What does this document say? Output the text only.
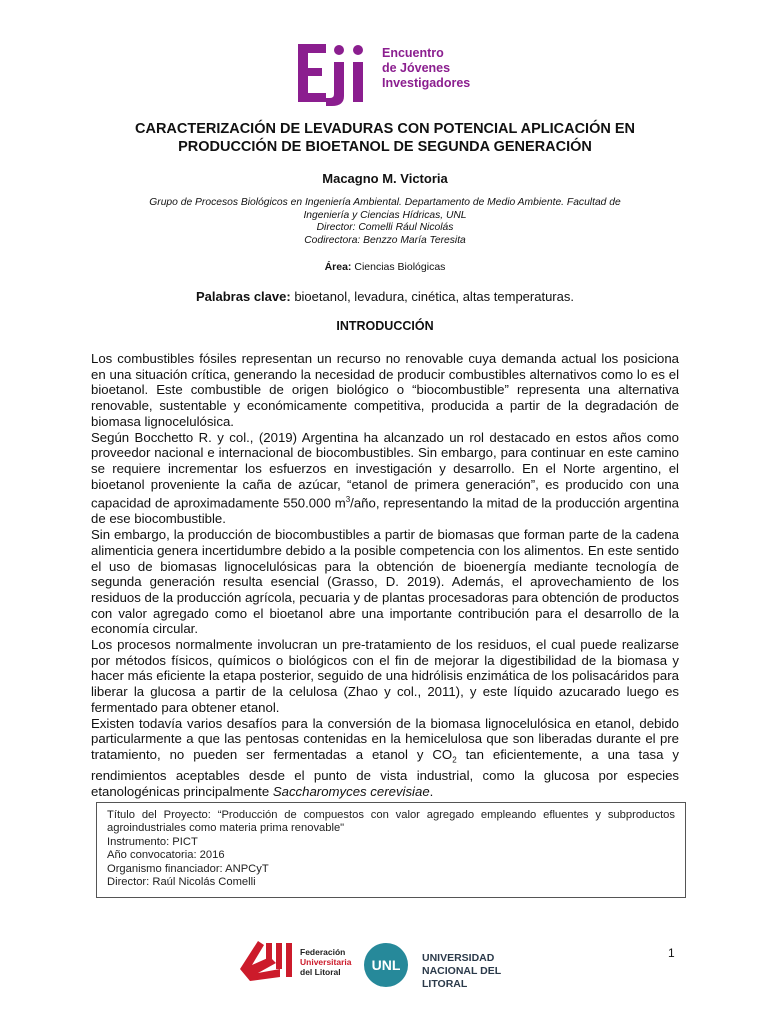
Encuentro
de Jóvenes
Investigadores
CARACTERIZACIÓN DE LEVADURAS CON POTENCIAL APLICACIÓN EN
PRODUCCIÓN DE BIOETANOL DE SEGUNDA GENERACIÓN

Macagno M. Victoria

Grupo de Procesos Biológicos en Ingeniería Ambiental. Departamento de Medio Ambiente. Facultad de
Ingeniería y Ciencias Hídricas, UNL
Director: Comelli Rául Nicolás
Codirectora: Benzzo María Teresita
Área: Ciencias Biológicas
Palabras clave: bioetanol, levadura, cinética, altas temperaturas.
INTRODUCCIÓN

Los combustibles fósiles representan un recurso no renovable cuya demanda actual los posiciona en una situación crítica, generando la necesidad de producir combustibles alternativos como lo es el bioetanol. Este combustible de origen biológico o “biocombustible” representa una alternativa renovable, sustentable y económicamente competitiva, producida a partir de la degradación de biomasa lignocelulósica.

Según Bocchetto R. y col., (2019) Argentina ha alcanzado un rol destacado en estos años como proveedor nacional e internacional de biocombustibles. Sin embargo, para continuar en este camino se requiere incrementar los esfuerzos en investigación y desarrollo. En el Norte argentino, el bioetanol proveniente la caña de azúcar, “etanol de primera generación”, es producido con una capacidad de aproximadamente 550.000 $m^3$/año, representando la mitad de la producción argentina de ese biocombustible.

Sin embargo, la producción de biocombustibles a partir de biomasas que forman parte de la cadena alimenticia genera incertidumbre debido a la posible competencia con los alimentos. En este sentido el uso de biomasas lignocelulósicas para la obtención de bioenergía mediante tecnología de segunda generación resulta esencial (Grasso, D. 2019). Además, el aprovechamiento de los residuos de la producción agrícola, pecuaria y de plantas procesadoras para obtención de productos con valor agregado como el bioetanol abre una importante contribución para el desarrollo de la economía circular.

Los procesos normalmente involucran un pre-tratamiento de los residuos, el cual puede realizarse por métodos físicos, químicos o biológicos con el fin de mejorar la digestibilidad de la biomasa y hacer más eficiente la etapa posterior, seguido de una hidrólisis enzimática de los polisacáridos para liberar la glucosa a partir de la celulosa (Zhao y col., 2011), y este líquido azucarado luego es fermentado para obtener etanol.

Existen todavía varios desafíos para la conversión de la biomasa lignocelulósica en etanol, debido particularmente a que las pentosas contenidas en la hemicelulosa que son liberadas durante el pre tratamiento, no pueden ser fermentadas a etanol y $CO_2$ tan eficientemente, a una tasa y rendimientos aceptables desde el punto de vista industrial, como la glucosa por especies etanologénicas principalmente Saccharomyces cerevisiae.

Título del Proyecto: “Producción de compuestos con valor agregado empleando efluentes y subproductos agroindustriales como materia prima renovable"
Instrumento: PICT
Año convocatoria: 2016
Organismo financiador: ANPCyT
Director: Raúl Nicolás Comelli
1
Federación
Universitaria
del Litoral	UNL	UNIVERSIDAD
NACIONAL DEL LITORAL
